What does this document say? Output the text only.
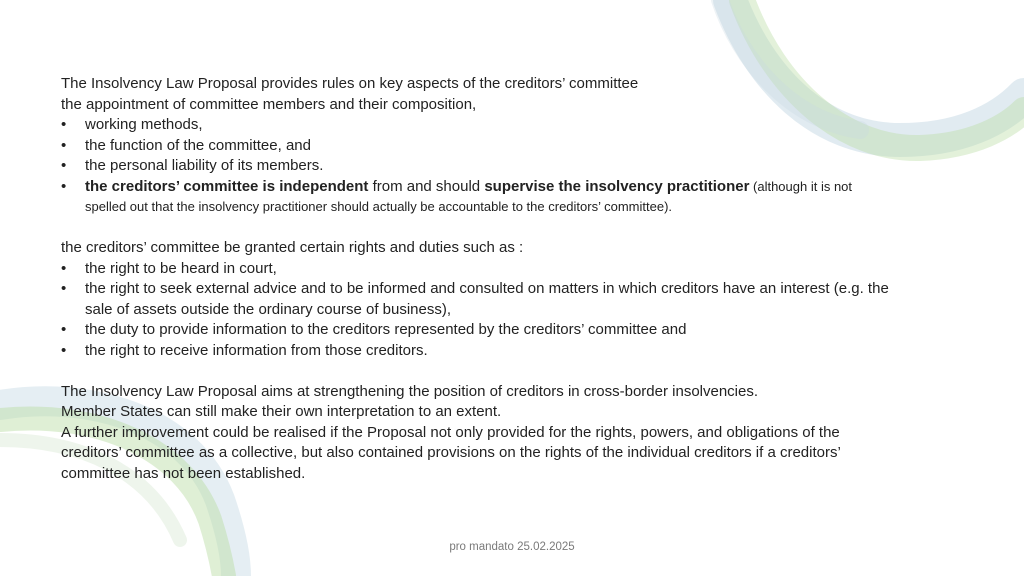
The Insolvency Law Proposal provides rules on key aspects of the creditors’ committee

the appointment of committee members and their composition,

• working methods,
• the function of the committee, and
• the personal liability of its members.
• the creditors’ committee is independent from and should supervise the insolvency practitioner (although it is not spelled out that the insolvency practitioner should actually be accountable to the creditors’ committee).

the creditors’ committee be granted certain rights and duties such as :

• the right to be heard in court,
• the right to seek external advice and to be informed and consulted on matters in which creditors have an interest (e.g. the sale of assets outside the ordinary course of business),
• the duty to provide information to the creditors represented by the creditors’ committee and
• the right to receive information from those creditors.

The Insolvency Law Proposal aims at strengthening the position of creditors in cross-border insolvencies.

Member States can still make their own interpretation to an extent.

A further improvement could be realised if the Proposal not only provided for the rights, powers, and obligations of the creditors’ committee as a collective, but also contained provisions on the rights of the individual creditors if a creditors’ committee has not been established.

pro mandato 25.02.2025
